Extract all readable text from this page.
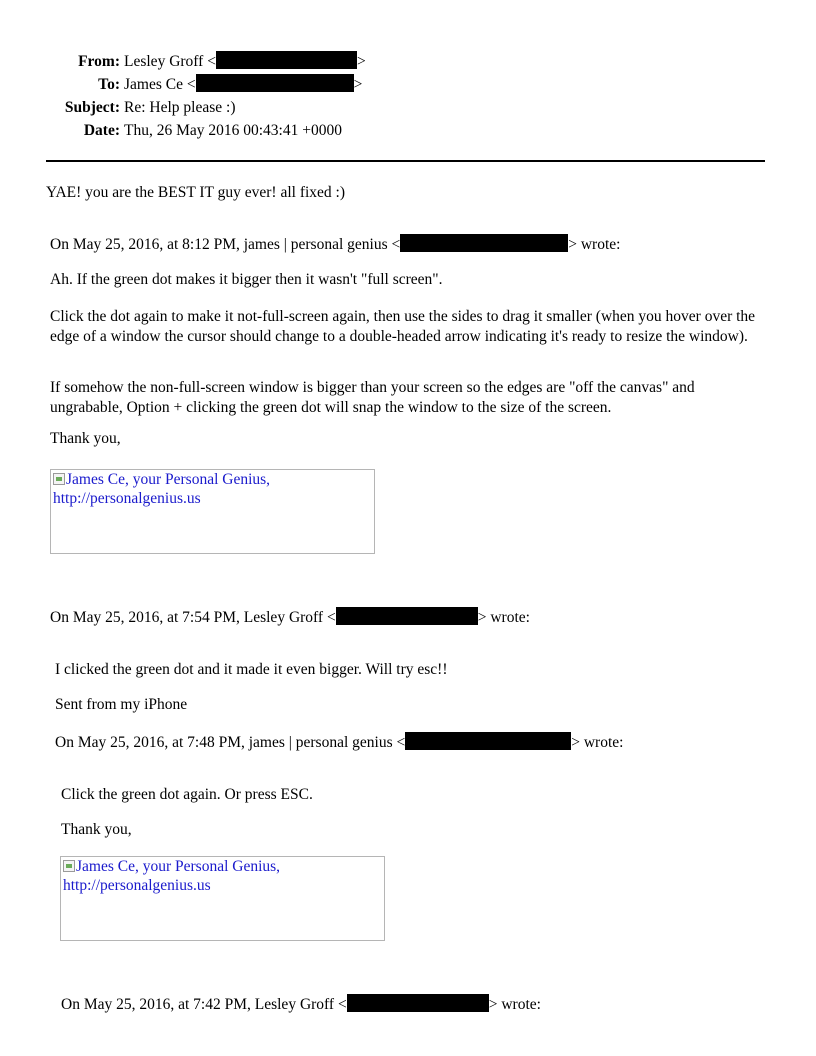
From: Lesley Groff <	>
To: James Ce <	>
Subject: Re: Help please :)
Date: Thu, 26 May 2016 00:43:41 +0000
YAE! you are the BEST IT guy ever! all fixed :)
On May 25, 2016, at 8:12 PM, james | personal genius <	> wrote:
Ah. If the green dot makes it bigger then it wasn't "full screen".
Click the dot again to make it not-full-screen again, then use the sides to drag it smaller (when you hover over the edge of a window the cursor should change to a double-headed arrow indicating it's ready to resize the window).
If somehow the non-full-screen window is bigger than your screen so the edges are "off the canvas" and ungrabable, Option + clicking the green dot will snap the window to the size of the screen.
Thank you,
James Ce, your Personal Genius, http://personalgenius.us
On May 25, 2016, at 7:54 PM, Lesley Groff <	> wrote:
I clicked the green dot and it made it even bigger. Will try esc!!
Sent from my iPhone
On May 25, 2016, at 7:48 PM, james | personal genius <	> wrote:
Click the green dot again. Or press ESC.
Thank you,
James Ce, your Personal Genius, http://personalgenius.us
On May 25, 2016, at 7:42 PM, Lesley Groff <	> wrote:
